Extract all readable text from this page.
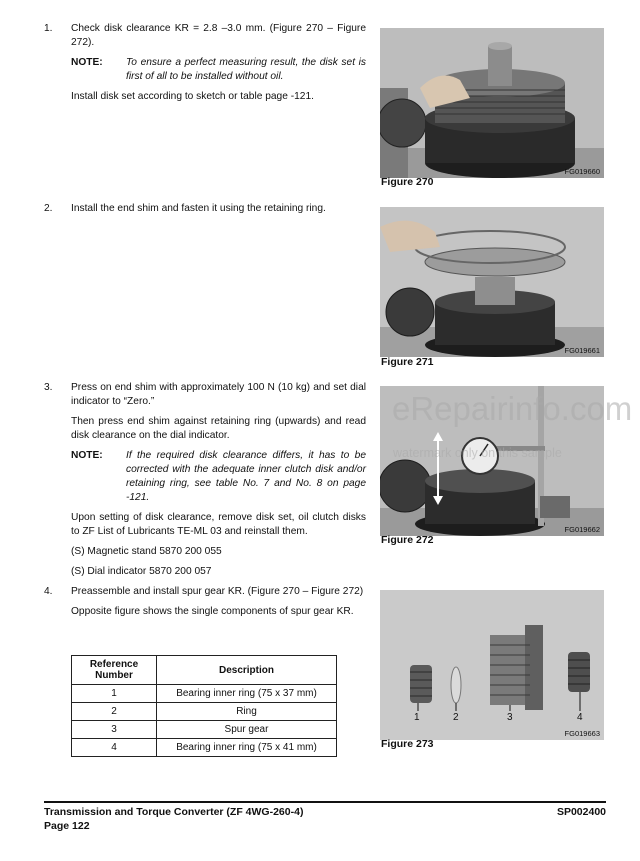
1. Check disk clearance KR = 2.8 –3.0 mm. (Figure 270 – Figure 272).

NOTE: To ensure a perfect measuring result, the disk set is first of all to be installed without oil.

Install disk set according to sketch or table page -121.

2. Install the end shim and fasten it using the retaining ring.

3. Press on end shim with approximately 100 N (10 kg) and set dial indicator to “Zero.”

Then press end shim against retaining ring (upwards) and read disk clearance on the dial indicator.

NOTE: If the required disk clearance differs, it has to be corrected with the adequate inner clutch disk and/or retaining ring, see table No. 7 and No. 8 on page -121.

Upon setting of disk clearance, remove disk set, oil clutch disks to ZF List of Lubricants TE-ML 03 and reinstall them.

(S) Magnetic stand 5870 200 055

(S) Dial indicator 5870 200 057

4. Preassemble and install spur gear KR. (Figure 270 – Figure 272)

Opposite figure shows the single components of spur gear KR.

Reference Number	Description
1	Bearing inner ring (75 x 37 mm)
2	Ring
3	Spur gear
4	Bearing inner ring (75 x 41 mm)
FG019660
Figure 270
FG019661
Figure 271
FG019662
Figure 272
1	2	3	4
FG019663
Figure 273
eRepairinfo.com
watermark only on this sample
Transmission and Torque Converter (ZF 4WG-260-4)
Page 122
SP002400
